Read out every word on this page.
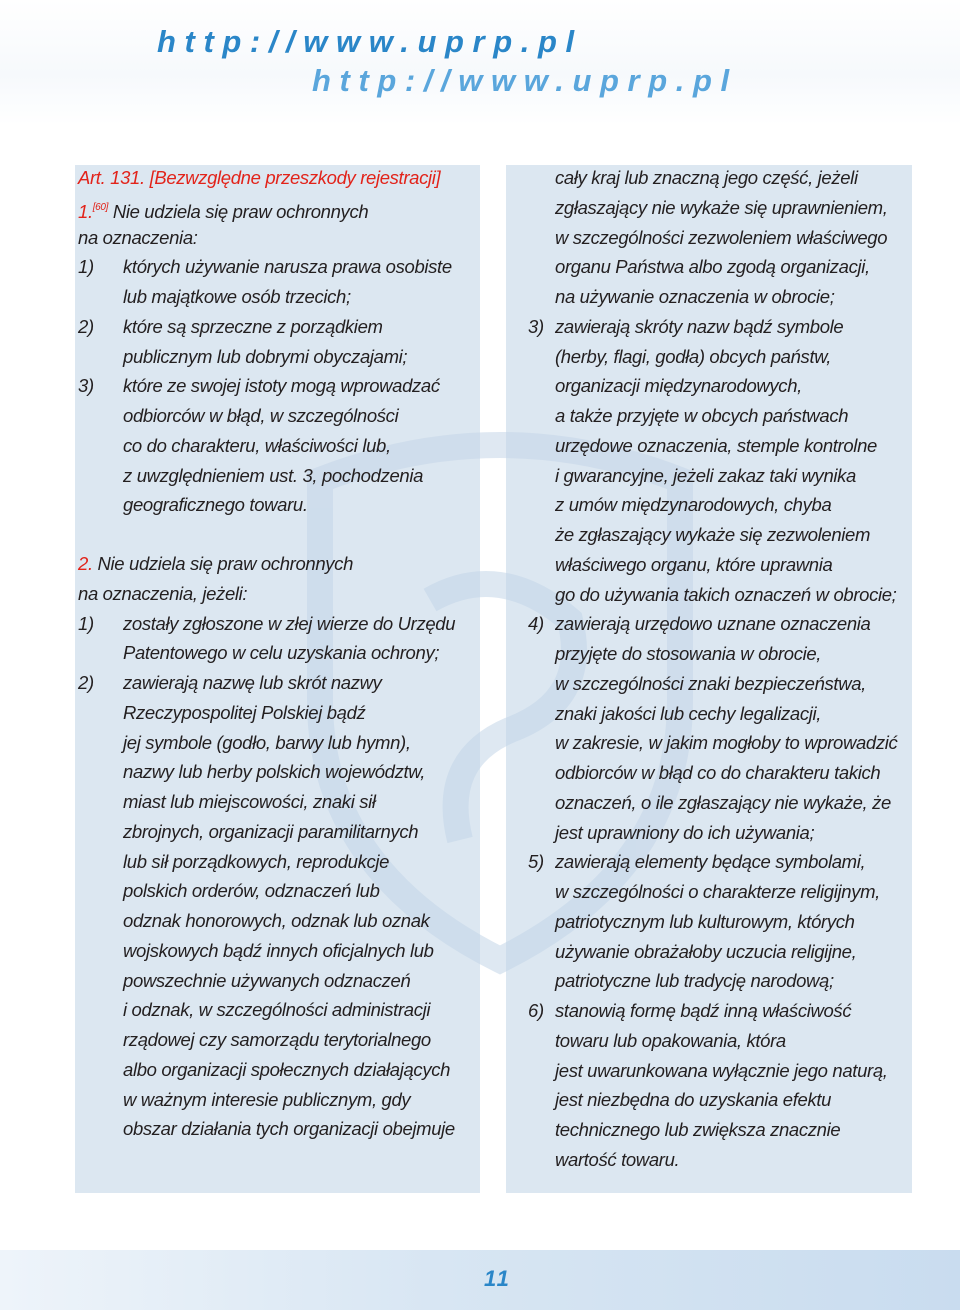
http://www.uprp.pl
http://www.uprp.pl
Art. 131. [Bezwzględne przeszkody rejestracji]
1.[60] Nie udziela się praw ochronnych
na oznaczenia:
1) których używanie narusza prawa osobiste
lub majątkowe osób trzecich;
2) które są sprzeczne z porządkiem
publicznym lub dobrymi obyczajami;
3) które ze swojej istoty mogą wprowadzać
odbiorców w błąd, w szczególności
co do charakteru, właściwości lub,
z uwzględnieniem ust. 3, pochodzenia
geograficznego towaru.
2. Nie udziela się praw ochronnych
na oznaczenia, jeżeli:
1) zostały zgłoszone w złej wierze do Urzędu
Patentowego w celu uzyskania ochrony;
2) zawierają nazwę lub skrót nazwy
Rzeczypospolitej Polskiej bądź
jej symbole (godło, barwy lub hymn),
nazwy lub herby polskich województw,
miast lub miejscowości, znaki sił
zbrojnych, organizacji paramilitarnych
lub sił porządkowych, reprodukcje
polskich orderów, odznaczeń lub
odznak honorowych, odznak lub oznak
wojskowych bądź innych oficjalnych lub
powszechnie używanych odznaczeń
i odznak, w szczególności administracji
rządowej czy samorządu terytorialnego
albo organizacji społecznych działających
w ważnym interesie publicznym, gdy
obszar działania tych organizacji obejmuje
cały kraj lub znaczną jego część, jeżeli
zgłaszający nie wykaże się uprawnieniem,
w szczególności zezwoleniem właściwego
organu Państwa albo zgodą organizacji,
na używanie oznaczenia w obrocie;
3) zawierają skróty nazw bądź symbole
(herby, flagi, godła) obcych państw,
organizacji międzynarodowych,
a także przyjęte w obcych państwach
urzędowe oznaczenia, stemple kontrolne
i gwarancyjne, jeżeli zakaz taki wynika
z umów międzynarodowych, chyba
że zgłaszający wykaże się zezwoleniem
właściwego organu, które uprawnia
go do używania takich oznaczeń w obrocie;
4) zawierają urzędowo uznane oznaczenia
przyjęte do stosowania w obrocie,
w szczególności znaki bezpieczeństwa,
znaki jakości lub cechy legalizacji,
w zakresie, w jakim mogłoby to wprowadzić
odbiorców w błąd co do charakteru takich
oznaczeń, o ile zgłaszający nie wykaże, że
jest uprawniony do ich używania;
5) zawierają elementy będące symbolami,
w szczególności o charakterze religijnym,
patriotycznym lub kulturowym, których
używanie obrażałoby uczucia religijne,
patriotyczne lub tradycję narodową;
6) stanowią formę bądź inną właściwość
towaru lub opakowania, która
jest uwarunkowana wyłącznie jego naturą,
jest niezbędna do uzyskania efektu
technicznego lub zwiększa znacznie
wartość towaru.
11
